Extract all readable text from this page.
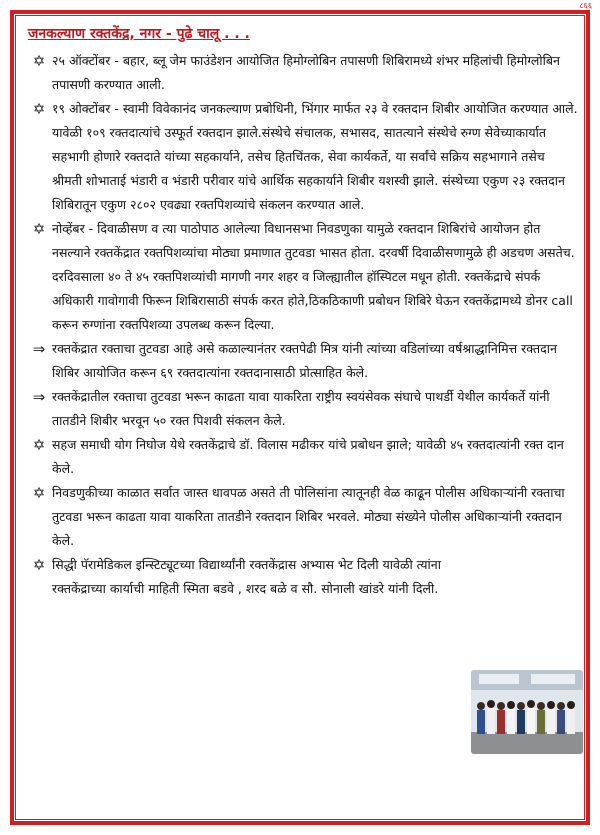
८६६
जनकल्याण रक्तकेंद्र, नगर - पुढे चालू . . .
✡ २५ ऑक्टोंबर - बहार, ब्लू जेम फाउंडेशन आयोजित हिमोग्लोबिन तपासणी शिबिरामध्ये शंभर महिलांची हिमोग्लोबिन तपासणी करण्यात आली.
✡ १९ ओक्टोंबर - स्वामी विवेकानंद जनकल्याण प्रबोधिनी, भिंगार मार्फत २३ वे रक्तदान शिबीर आयोजित करण्यात आले. यावेळी १०९ रक्तदात्यांचे उस्फूर्त रक्तदान झाले.संस्थेचे संचालक, सभासद, सातत्याने संस्थेचे रुग्ण सेवेच्याकार्यात सहभागी होणारे रक्तदाते यांच्या सहकार्याने, तसेच हितचिंतक, सेवा कार्यकर्ते, या सर्वांचे सक्रिय सहभागाने तसेच श्रीमती शोभाताई भंडारी व भंडारी परीवार यांचे आर्थिक सहकार्याने शिबीर यशस्वी झाले. संस्थेच्या एकुण २३ रक्तदान शिबिरातून एकुण २८०२ एवढ्या रक्तपिशव्यांचे संकलन करण्यात आले.
✡ नोव्हेंबर - दिवाळीसण व त्या पाठोपाठ आलेल्या विधानसभा निवडणुका यामुळे रक्तदान शिबिरांचे आयोजन होत नसल्याने रक्तकेंद्रात रक्तपिशव्यांचा मोठ्या प्रमाणात तुटवडा भासत होता. दरवर्षी दिवाळीसणामुळे ही अडचण असतेच. दरदिवसाला ४० ते ४५ रक्तपिशव्यांची मागणी नगर शहर व जिल्ह्यातील हॉस्पिटल मधून होती. रक्तकेंद्राचे संपर्क अधिकारी गावोगावी फिरून शिबिरासाठी संपर्क करत होते,ठिकठिकाणी प्रबोधन शिबिरे घेऊन रक्तकेंद्रामध्ये डोनर call करून रुग्णांना रक्तपिशव्या उपलब्ध करून दिल्या.
⇒ रक्तकेंद्रात रक्ताचा तुटवडा आहे असे कळाल्यानंतर रक्तपेढी मित्र यांनी त्यांच्या वडिलांच्या वर्षश्राद्धानिमित्त रक्तदान शिबिर आयोजित करून ६९ रक्तदात्यांना रक्तदानासाठी प्रोत्साहित केले.
⇒ रक्तकेंद्रातील रक्ताचा तुटवडा भरून काढता यावा याकरिता राष्ट्रीय स्वयंसेवक संघाचे पाथर्डी येथील कार्यकर्ते यांनी तातडीने शिबीर भरवून ५० रक्त पिशवी संकलन केले.
✡ सहज समाधी योग निघोज येथे रक्तकेंद्राचे डॉ. विलास मढीकर यांचे प्रबोधन झाले; यावेळी ४५ रक्तदात्यांनी रक्त दान केले.
✡ निवडणुकीच्या काळात सर्वात जास्त धावपळ असते ती पोलिसांना त्यातूनही वेळ काढून पोलीस अधिकाऱ्यांनी रक्ताचा तुटवडा भरून काढता यावा याकरिता तातडीने रक्तदान शिबिर भरवले. मोठ्या संख्येने पोलीस अधिकाऱ्यांनी रक्तदान केले.
✡ सिद्धी पॅरामेडिकल इन्स्टिट्यूटच्या विद्यार्थ्यांनी रक्तकेंद्रास अभ्यास भेट दिली यावेळी त्यांना रक्तकेंद्राच्या कार्याची माहिती स्मिता बडवे , शरद बळे व सौ. सोनाली खांडरे यांनी दिली.
